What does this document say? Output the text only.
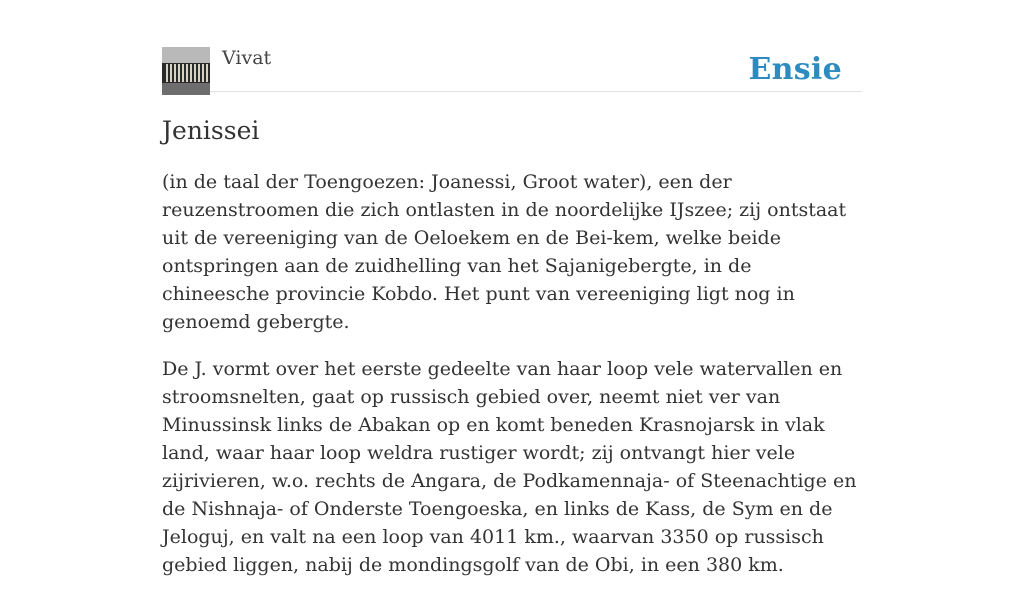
Vivat	Ensie
Jenissei

(in de taal der Toengoezen: Joanessi, Groot water), een der reuzenstroomen die zich ontlasten in de noordelijke IJszee; zij ontstaat uit de vereeniging van de Oeloekem en de Bei-kem, welke beide ontspringen aan de zuidhelling van het Sajanigebergte, in de chineesche provincie Kobdo. Het punt van vereeniging ligt nog in genoemd gebergte.

De J. vormt over het eerste gedeelte van haar loop vele watervallen en stroomsnelten, gaat op russisch gebied over, neemt niet ver van Minussinsk links de Abakan op en komt beneden Krasnojarsk in vlak land, waar haar loop weldra rustiger wordt; zij ontvangt hier vele zijrivieren, w.o. rechts de Angara, de Podkamennaja- of Steenachtige en de Nishnaja- of Onderste Toengoeska, en links de Kass, de Sym en de Jeloguj, en valt na een loop van 4011 km., waarvan 3350 op russisch gebied liggen, nabij de mondingsgolf van de Obi, in een 380 km.
